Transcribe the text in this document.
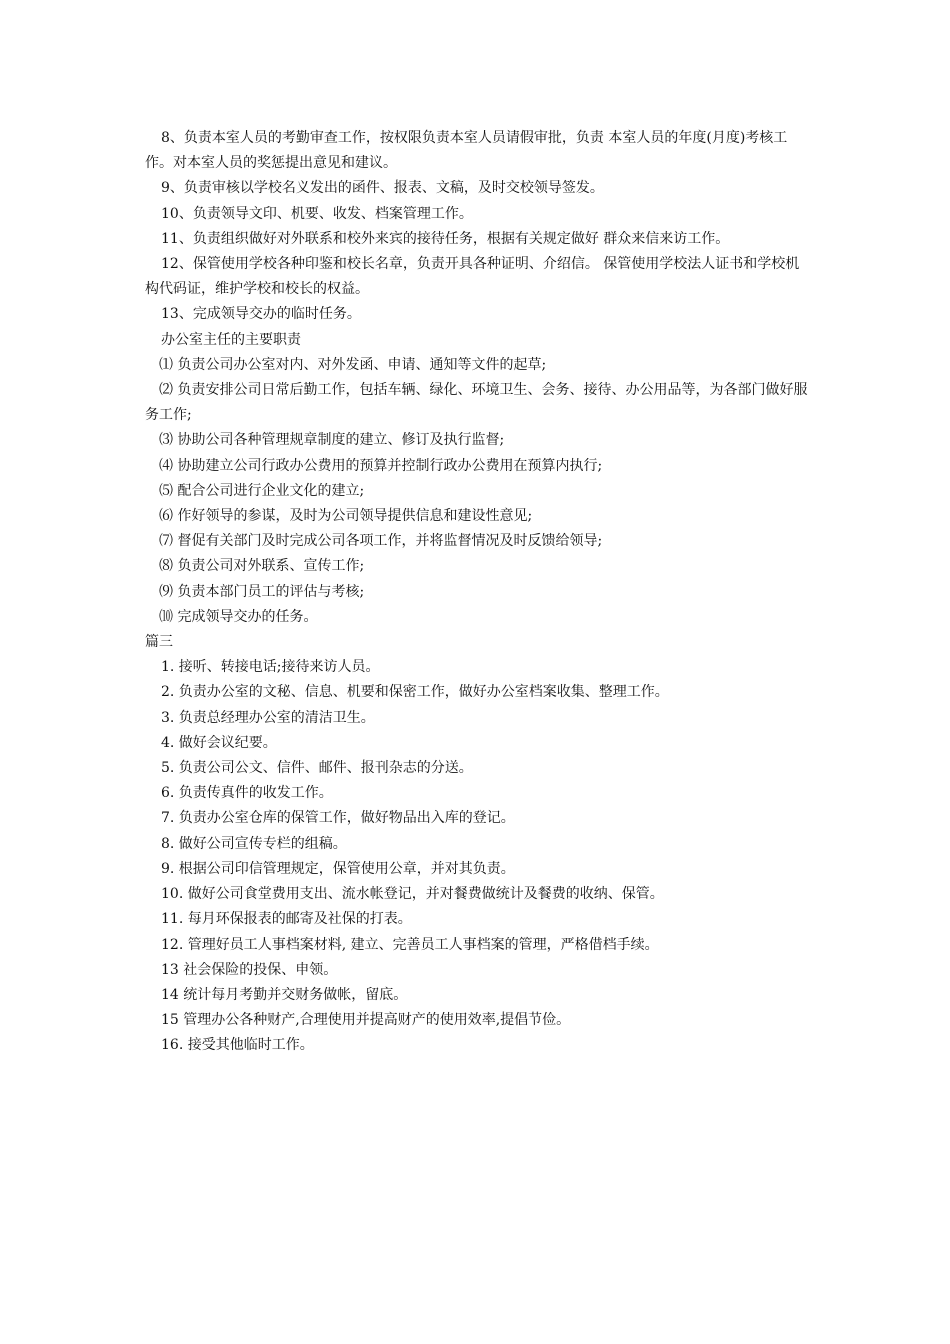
8、负责本室人员的考勤审查工作，按权限负责本室人员请假审批，负责 本室人员的年度(月度)考核工作。对本室人员的奖惩提出意见和建议。

9、负责审核以学校名义发出的函件、报表、文稿，及时交校领导签发。

10、负责领导文印、机要、收发、档案管理工作。

11、负责组织做好对外联系和校外来宾的接待任务，根据有关规定做好 群众来信来访工作。

12、保管使用学校各种印鉴和校长名章，负责开具各种证明、介绍信。 保管使用学校法人证书和学校机构代码证，维护学校和校长的权益。

13、完成领导交办的临时任务。

办公室主任的主要职责

⑴ 负责公司办公室对内、对外发函、申请、通知等文件的起草;

⑵ 负责安排公司日常后勤工作，包括车辆、绿化、环境卫生、会务、接待、办公用品等，为各部门做好服务工作;

⑶ 协助公司各种管理规章制度的建立、修订及执行监督;

⑷ 协助建立公司行政办公费用的预算并控制行政办公费用在预算内执行;

⑸ 配合公司进行企业文化的建立;

⑹ 作好领导的参谋，及时为公司领导提供信息和建设性意见;

⑺ 督促有关部门及时完成公司各项工作，并将监督情况及时反馈给领导;

⑻ 负责公司对外联系、宣传工作;

⑼ 负责本部门员工的评估与考核;

⑽ 完成领导交办的任务。

篇三

1. 接听、转接电话;接待来访人员。

2. 负责办公室的文秘、信息、机要和保密工作，做好办公室档案收集、整理工作。

3. 负责总经理办公室的清洁卫生。

4. 做好会议纪要。

5. 负责公司公文、信件、邮件、报刊杂志的分送。

6. 负责传真件的收发工作。

7. 负责办公室仓库的保管工作，做好物品出入库的登记。

8. 做好公司宣传专栏的组稿。

9. 根据公司印信管理规定，保管使用公章，并对其负责。

10. 做好公司食堂费用支出、流水帐登记，并对餐费做统计及餐费的收纳、保管。

11. 每月环保报表的邮寄及社保的打表。

12. 管理好员工人事档案材料, 建立、完善员工人事档案的管理，严格借档手续。

13 社会保险的投保、申领。

14 统计每月考勤并交财务做帐，留底。

15 管理办公各种财产,合理使用并提高财产的使用效率,提倡节俭。

16. 接受其他临时工作。
